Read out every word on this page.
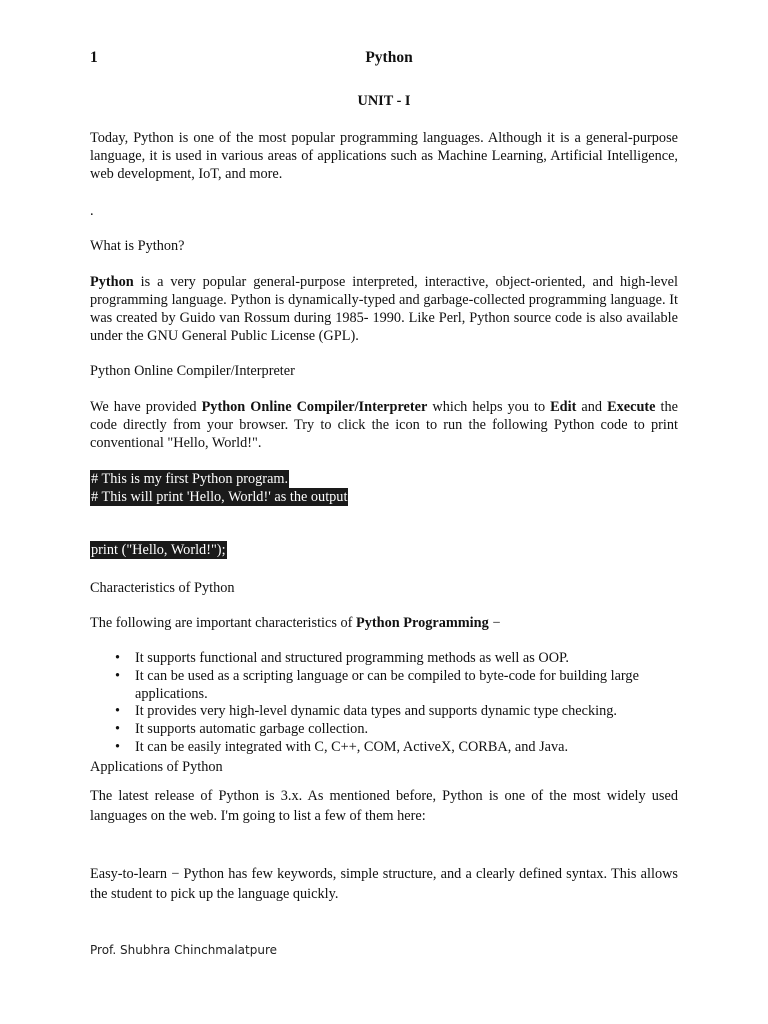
1	Python
UNIT - I
Today, Python is one of the most popular programming languages. Although it is a general-purpose language, it is used in various areas of applications such as Machine Learning, Artificial Intelligence, web development, IoT, and more.
.
What is Python?
Python is a very popular general-purpose interpreted, interactive, object-oriented, and high-level programming language. Python is dynamically-typed and garbage-collected programming language. It was created by Guido van Rossum during 1985- 1990. Like Perl, Python source code is also available under the GNU General Public License (GPL).
Python Online Compiler/Interpreter
We have provided Python Online Compiler/Interpreter which helps you to Edit and Execute the code directly from your browser. Try to click the icon to run the following Python code to print conventional "Hello, World!".
# This is my first Python program.
# This will print 'Hello, World!' as the output
print ("Hello, World!");
Characteristics of Python
The following are important characteristics of Python Programming −
• It supports functional and structured programming methods as well as OOP.
• It can be used as a scripting language or can be compiled to byte-code for building large applications.
• It provides very high-level dynamic data types and supports dynamic type checking.
• It supports automatic garbage collection.
• It can be easily integrated with C, C++, COM, ActiveX, CORBA, and Java.
Applications of Python
The latest release of Python is 3.x. As mentioned before, Python is one of the most widely used languages on the web. I'm going to list a few of them here:
Easy-to-learn − Python has few keywords, simple structure, and a clearly defined syntax. This allows the student to pick up the language quickly.
Prof. Shubhra Chinchmalatpure
